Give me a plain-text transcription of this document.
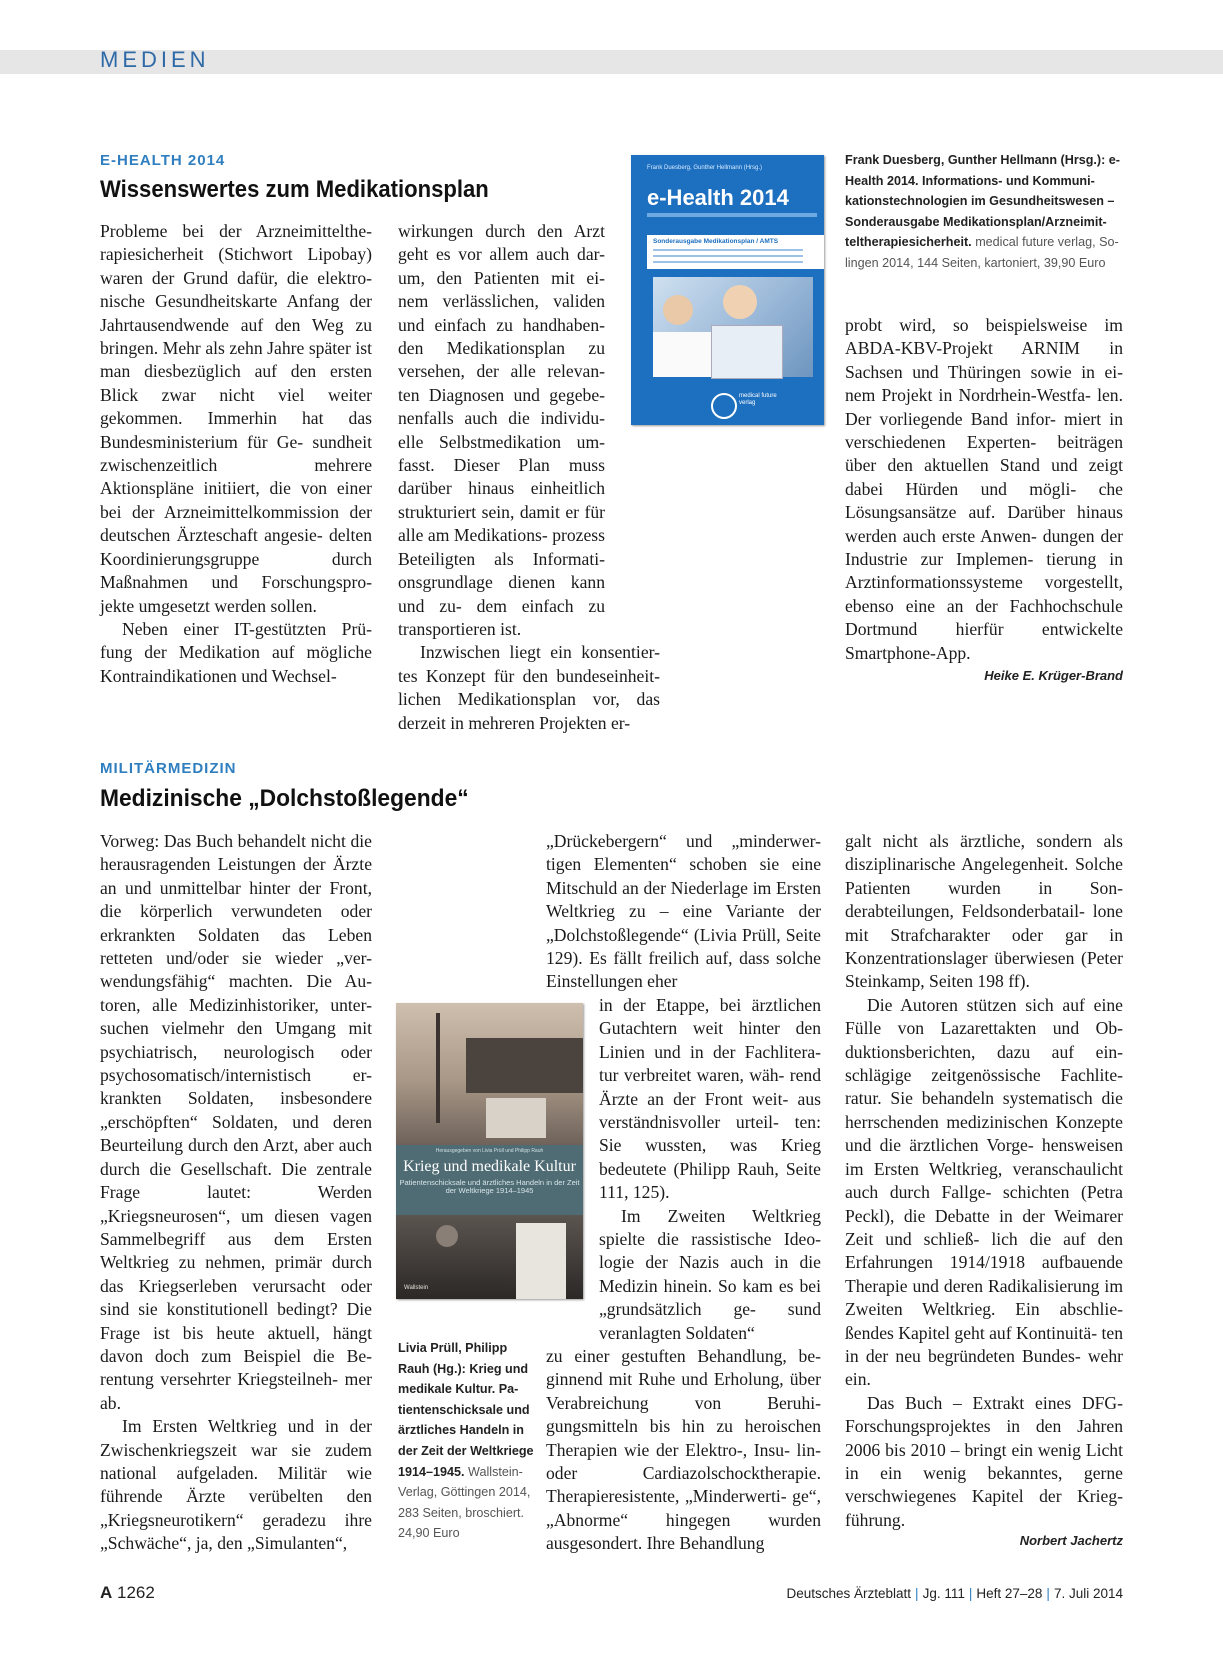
MEDIEN
E-HEALTH 2014
Wissenswertes zum Medikationsplan

Probleme bei der Arzneimittelthe- rapiesicherheit (Stichwort Lipobay) waren der Grund dafür, die elektro- nische Gesundheitskarte Anfang der Jahrtausendwende auf den Weg zu bringen. Mehr als zehn Jahre später ist man diesbezüglich auf den ersten Blick zwar nicht viel weiter gekommen. Immerhin hat das Bundesministerium für Ge- sundheit zwischenzeitlich mehrere Aktionspläne initiiert, die von einer bei der Arzneimittelkommission der deutschen Ärzteschaft angesie- delten Koordinierungsgruppe durch Maßnahmen und Forschungspro- jekte umgesetzt werden sollen.

Neben einer IT-gestützten Prü- fung der Medikation auf mögliche Kontraindikationen und Wechsel-

wirkungen durch den Arzt geht es vor allem auch dar- um, den Patienten mit ei- nem verlässlichen, validen und einfach zu handhaben- den Medikationsplan zu versehen, der alle relevan- ten Diagnosen und gegebe- nenfalls auch die individu- elle Selbstmedikation um- fasst. Dieser Plan muss darüber hinaus einheitlich strukturiert sein, damit er für alle am Medikations- prozess Beteiligten als Informati- onsgrundlage dienen kann und zu- dem einfach zu transportieren ist.

Inzwischen liegt ein konsentier- tes Konzept für den bundeseinheit- lichen Medikationsplan vor, das derzeit in mehreren Projekten er-

Frank Duesberg, Gunther Hellmann (Hrsg.)
e-Health 2014
Sonderausgabe Medikationsplan / AMTS
medical future verlag
Frank Duesberg, Gunther Hellmann (Hrsg.): e-Health 2014. Informations- und Kommuni- kationstechnologien im Gesundheitswesen – Sonderausgabe Medikationsplan/Arzneimit- teltherapiesicherheit. medical future verlag, So- lingen 2014, 144 Seiten, kartoniert, 39,90 Euro

probt wird, so beispielsweise im ABDA-KBV-Projekt ARNIM in Sachsen und Thüringen sowie in ei- nem Projekt in Nordrhein-Westfa- len. Der vorliegende Band infor- miert in verschiedenen Experten- beiträgen über den aktuellen Stand und zeigt dabei Hürden und mögli- che Lösungsansätze auf. Darüber hinaus werden auch erste Anwen- dungen der Industrie zur Implemen- tierung in Arztinformationssysteme vorgestellt, ebenso eine an der Fachhochschule Dortmund hierfür entwickelte Smartphone-App.

Heike E. Krüger-Brand
MILITÄRMEDIZIN
Medizinische „Dolchstoßlegende“

Vorweg: Das Buch behandelt nicht die herausragenden Leistungen der Ärzte an und unmittelbar hinter der Front, die körperlich verwundeten oder erkrankten Soldaten das Leben retteten und/oder sie wieder „ver- wendungsfähig“ machten. Die Au- toren, alle Medizinhistoriker, unter- suchen vielmehr den Umgang mit psychiatrisch, neurologisch oder psychosomatisch/internistisch er- krankten Soldaten, insbesondere „erschöpften“ Soldaten, und deren Beurteilung durch den Arzt, aber auch durch die Gesellschaft. Die zentrale Frage lautet: Werden „Kriegsneurosen“, um diesen vagen Sammelbegriff aus dem Ersten Weltkrieg zu nehmen, primär durch das Kriegserleben verursacht oder sind sie konstitutionell bedingt? Die Frage ist bis heute aktuell, hängt davon doch zum Beispiel die Be- rentung versehrter Kriegsteilneh- mer ab.

Im Ersten Weltkrieg und in der Zwischenkriegszeit war sie zudem national aufgeladen. Militär wie führende Ärzte verübelten den „Kriegsneurotikern“ geradezu ihre „Schwäche“, ja, den „Simulanten“,

Herausgegeben von Livia Prüll und Philipp Rauh
Krieg und medikale Kultur
Patientenschicksale und ärztliches Handeln in der Zeit der Weltkriege 1914–1945
Wallstein
Livia Prüll, Philipp Rauh (Hg.): Krieg und medikale Kultur. Pa- tientenschicksale und ärztliches Handeln in der Zeit der Weltkriege 1914–1945. Wallstein- Verlag, Göttingen 2014, 283 Seiten, broschiert. 24,90 Euro

„Drückebergern“ und „minderwer- tigen Elementen“ schoben sie eine Mitschuld an der Niederlage im Ersten Weltkrieg zu – eine Variante der „Dolchstoßlegende“ (Livia Prüll, Seite 129). Es fällt freilich auf, dass solche Einstellungen eher

in der Etappe, bei ärztlichen Gutachtern weit hinter den Linien und in der Fachlitera- tur verbreitet waren, wäh- rend Ärzte an der Front weit- aus verständnisvoller urteil- ten: Sie wussten, was Krieg bedeutete (Philipp Rauh, Seite 111, 125).

Im Zweiten Weltkrieg spielte die rassistische Ideo- logie der Nazis auch in die Medizin hinein. So kam es bei „grundsätzlich ge- sund veranlagten Soldaten“

zu einer gestuften Behandlung, be- ginnend mit Ruhe und Erholung, über Verabreichung von Beruhi- gungsmitteln bis hin zu heroischen Therapien wie der Elektro-, Insu- lin- oder Cardiazolschocktherapie. Therapieresistente, „Minderwerti- ge“, „Abnorme“ hingegen wurden ausgesondert. Ihre Behandlung

galt nicht als ärztliche, sondern als disziplinarische Angelegenheit. Solche Patienten wurden in Son- derabteilungen, Feldsonderbatail- lone mit Strafcharakter oder gar in Konzentrationslager überwiesen (Peter Steinkamp, Seiten 198 ff).

Die Autoren stützen sich auf eine Fülle von Lazarettakten und Ob- duktionsberichten, dazu auf ein- schlägige zeitgenössische Fachlite- ratur. Sie behandeln systematisch die herrschenden medizinischen Konzepte und die ärztlichen Vorge- hensweisen im Ersten Weltkrieg, veranschaulicht auch durch Fallge- schichten (Petra Peckl), die Debatte in der Weimarer Zeit und schließ- lich die auf den Erfahrungen 1914/1918 aufbauende Therapie und deren Radikalisierung im Zweiten Weltkrieg. Ein abschlie- ßendes Kapitel geht auf Kontinuitä- ten in der neu begründeten Bundes- wehr ein.

Das Buch – Extrakt eines DFG- Forschungsprojektes in den Jahren 2006 bis 2010 – bringt ein wenig Licht in ein wenig bekanntes, gerne verschwiegenes Kapitel der Krieg- führung.

Norbert Jachertz
A 1262	Deutsches Ärzteblatt | Jg. 111 | Heft 27–28 | 7. Juli 2014
